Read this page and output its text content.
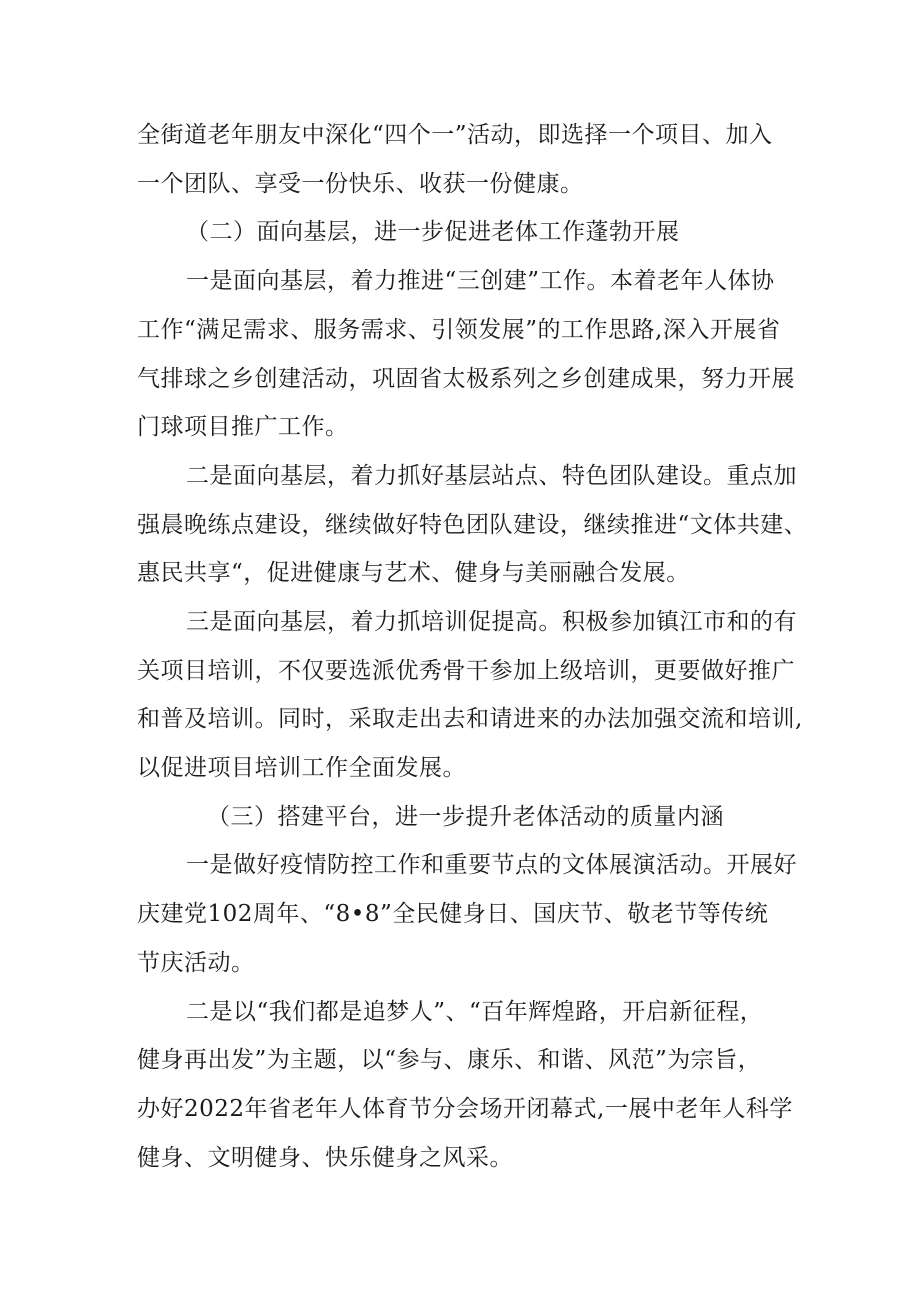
全街道老年朋友中深化“四个一”活动，即选择一个项目、加入
一个团队、享受一份快乐、收获一份健康。
（二）面向基层，进一步促进老体工作蓬勃开展
一是面向基层，着力推进“三创建”工作。本着老年人体协
工作“满足需求、服务需求、引领发展”的工作思路,深入开展省
气排球之乡创建活动，巩固省太极系列之乡创建成果，努力开展
门球项目推广工作。
二是面向基层，着力抓好基层站点、特色团队建设。重点加
强晨晚练点建设，继续做好特色团队建设，继续推进“文体共建、
惠民共享“，促进健康与艺术、健身与美丽融合发展。
三是面向基层，着力抓培训促提高。积极参加镇江市和的有
关项目培训，不仅要选派优秀骨干参加上级培训，更要做好推广
和普及培训。同时，采取走出去和请进来的办法加强交流和培训,
以促进项目培训工作全面发展。
（三）搭建平台，进一步提升老体活动的质量内涵
一是做好疫情防控工作和重要节点的文体展演活动。开展好
庆建党102周年、“8•8”全民健身日、国庆节、敬老节等传统
节庆活动。
二是以“我们都是追梦人”、“百年辉煌路，开启新征程，
健身再出发”为主题，以“参与、康乐、和谐、风范”为宗旨，
办好2022年省老年人体育节分会场开闭幕式,一展中老年人科学
健身、文明健身、快乐健身之风采。
